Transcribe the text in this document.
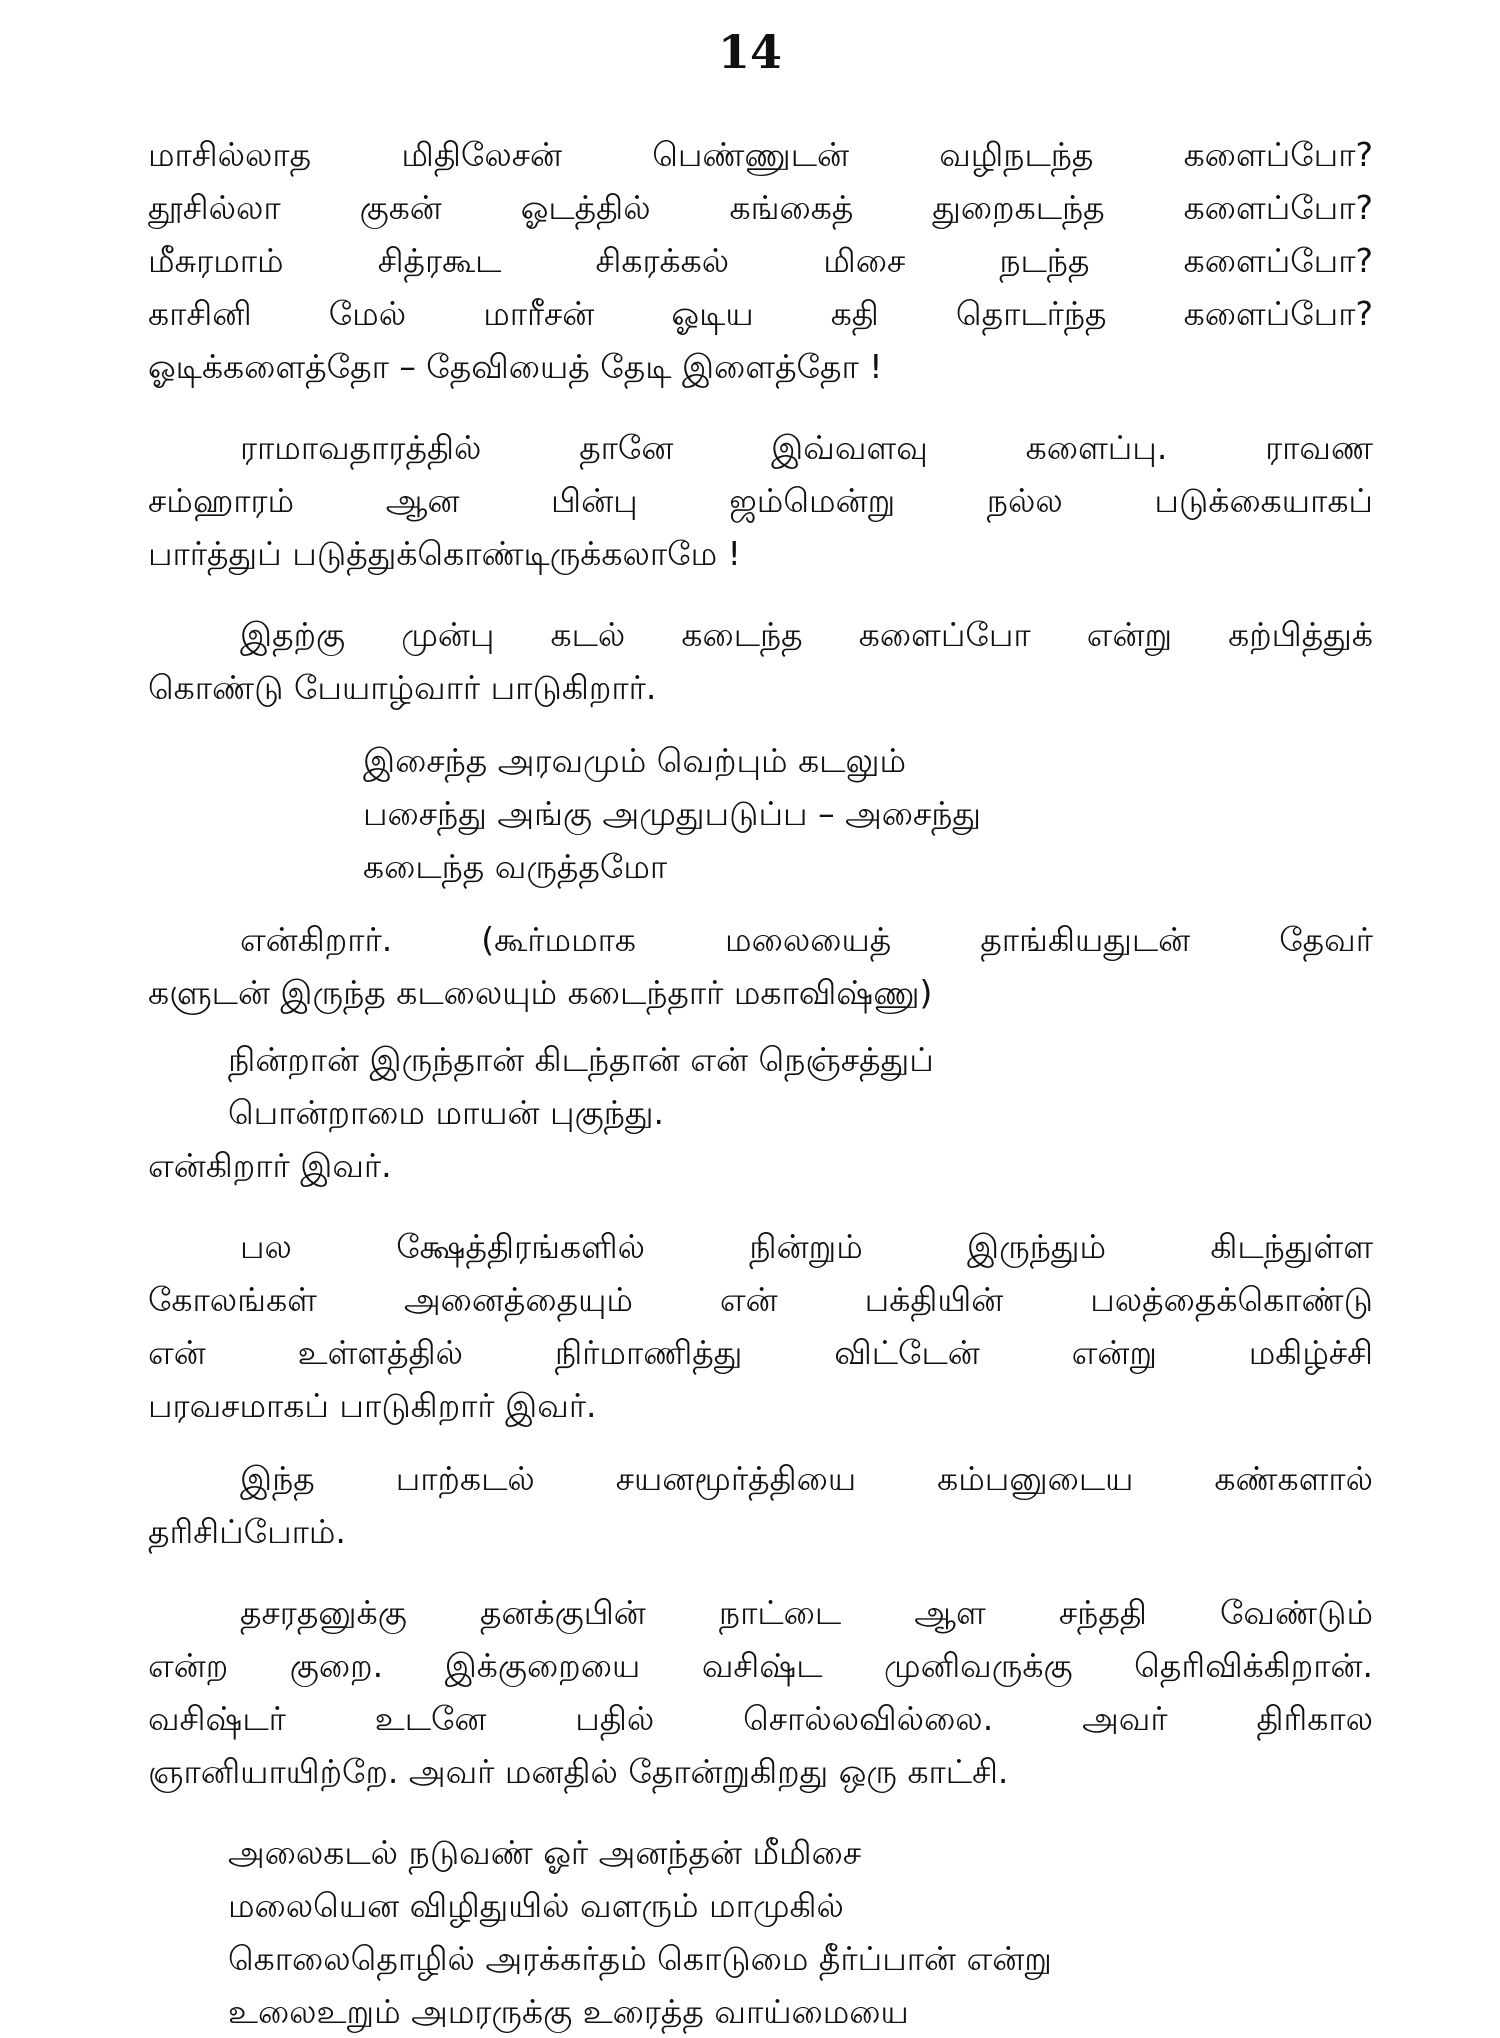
14
மாசில்லாத மிதிலேசன் பெண்ணுடன் வழிநடந்த களைப்போ?
தூசில்லா குகன் ஓடத்தில் கங்கைத் துறைகடந்த களைப்போ?
மீசுரமாம் சித்ரகூட சிகரக்கல் மிசை நடந்த களைப்போ?
காசினி மேல் மாரீசன் ஓடிய கதி தொடர்ந்த களைப்போ?
ஓடிக்களைத்தோ – தேவியைத் தேடி இளைத்தோ !
ராமாவதாரத்தில் தானே இவ்வளவு களைப்பு. ராவண
சம்ஹாரம் ஆன பின்பு ஜம்மென்று நல்ல படுக்கையாகப்
பார்த்துப் படுத்துக்கொண்டிருக்கலாமே !
இதற்கு முன்பு கடல் கடைந்த களைப்போ என்று கற்பித்துக்
கொண்டு பேயாழ்வார் பாடுகிறார்.
இசைந்த அரவமும் வெற்பும் கடலும்
பசைந்து அங்கு அமுதுபடுப்ப – அசைந்து
கடைந்த வருத்தமோ
என்கிறார். (கூர்மமாக மலையைத் தாங்கியதுடன் தேவர்
களுடன் இருந்த கடலையும் கடைந்தார் மகாவிஷ்ணு)
நின்றான் இருந்தான் கிடந்தான் என் நெஞ்சத்துப்
பொன்றாமை மாயன் புகுந்து.
என்கிறார் இவர்.
பல க்ஷேத்திரங்களில் நின்றும் இருந்தும் கிடந்துள்ள
கோலங்கள் அனைத்தையும் என் பக்தியின் பலத்தைக்கொண்டு
என் உள்ளத்தில் நிர்மாணித்து விட்டேன் என்று மகிழ்ச்சி
பரவசமாகப் பாடுகிறார் இவர்.
இந்த பாற்கடல் சயனமூர்த்தியை கம்பனுடைய கண்களால்
தரிசிப்போம்.
தசரதனுக்கு தனக்குபின் நாட்டை ஆள சந்ததி வேண்டும்
என்ற குறை. இக்குறையை வசிஷ்ட முனிவருக்கு தெரிவிக்கிறான்.
வசிஷ்டர் உடனே பதில் சொல்லவில்லை. அவர் திரிகால
ஞானியாயிற்றே. அவர் மனதில் தோன்றுகிறது ஒரு காட்சி.
அலைகடல் நடுவண் ஓர் அனந்தன் மீமிசை
மலையென விழிதுயில் வளரும் மாமுகில்
கொலைதொழில் அரக்கர்தம் கொடுமை தீர்ப்பான் என்று
உலைஉறும் அமரருக்கு உரைத்த வாய்மையை
